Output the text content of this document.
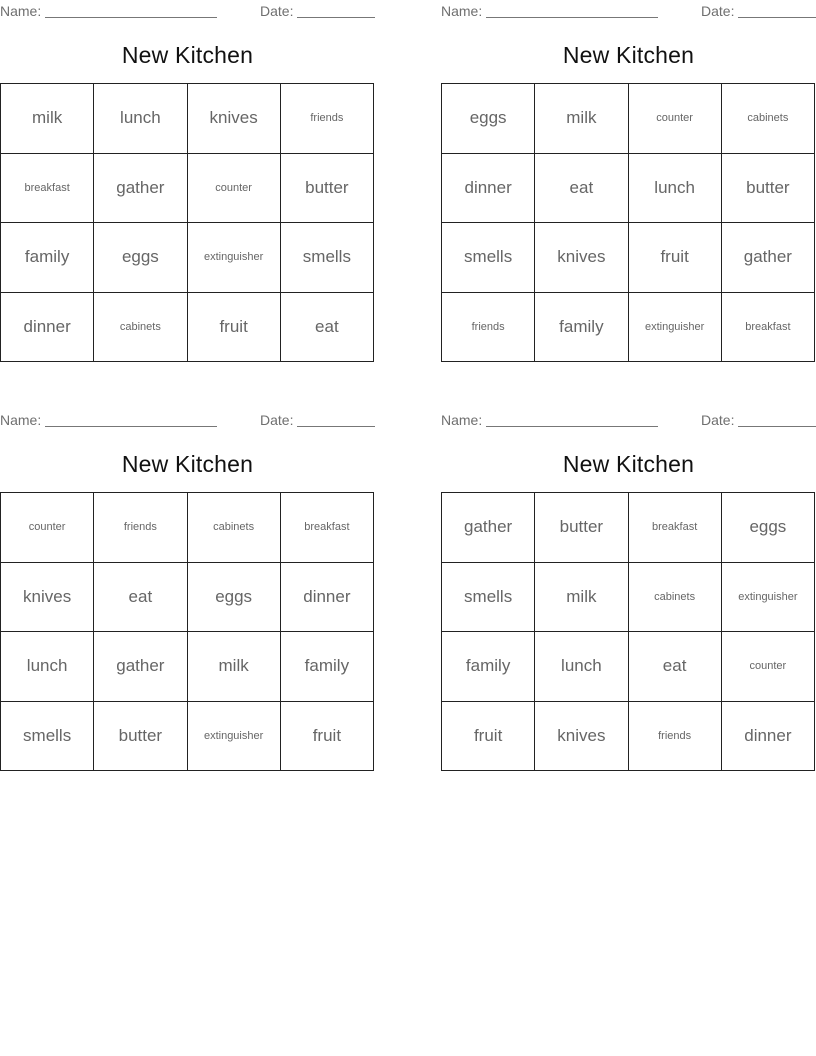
Name:	Date:
New Kitchen
milk	lunch	knives	friends
breakfast	gather	counter	butter
family	eggs	extinguisher	smells
dinner	cabinets	fruit	eat
Name:	Date:
New Kitchen
eggs	milk	counter	cabinets
dinner	eat	lunch	butter
smells	knives	fruit	gather
friends	family	extinguisher	breakfast
Name:	Date:
New Kitchen
counter	friends	cabinets	breakfast
knives	eat	eggs	dinner
lunch	gather	milk	family
smells	butter	extinguisher	fruit
Name:	Date:
New Kitchen
gather	butter	breakfast	eggs
smells	milk	cabinets	extinguisher
family	lunch	eat	counter
fruit	knives	friends	dinner
